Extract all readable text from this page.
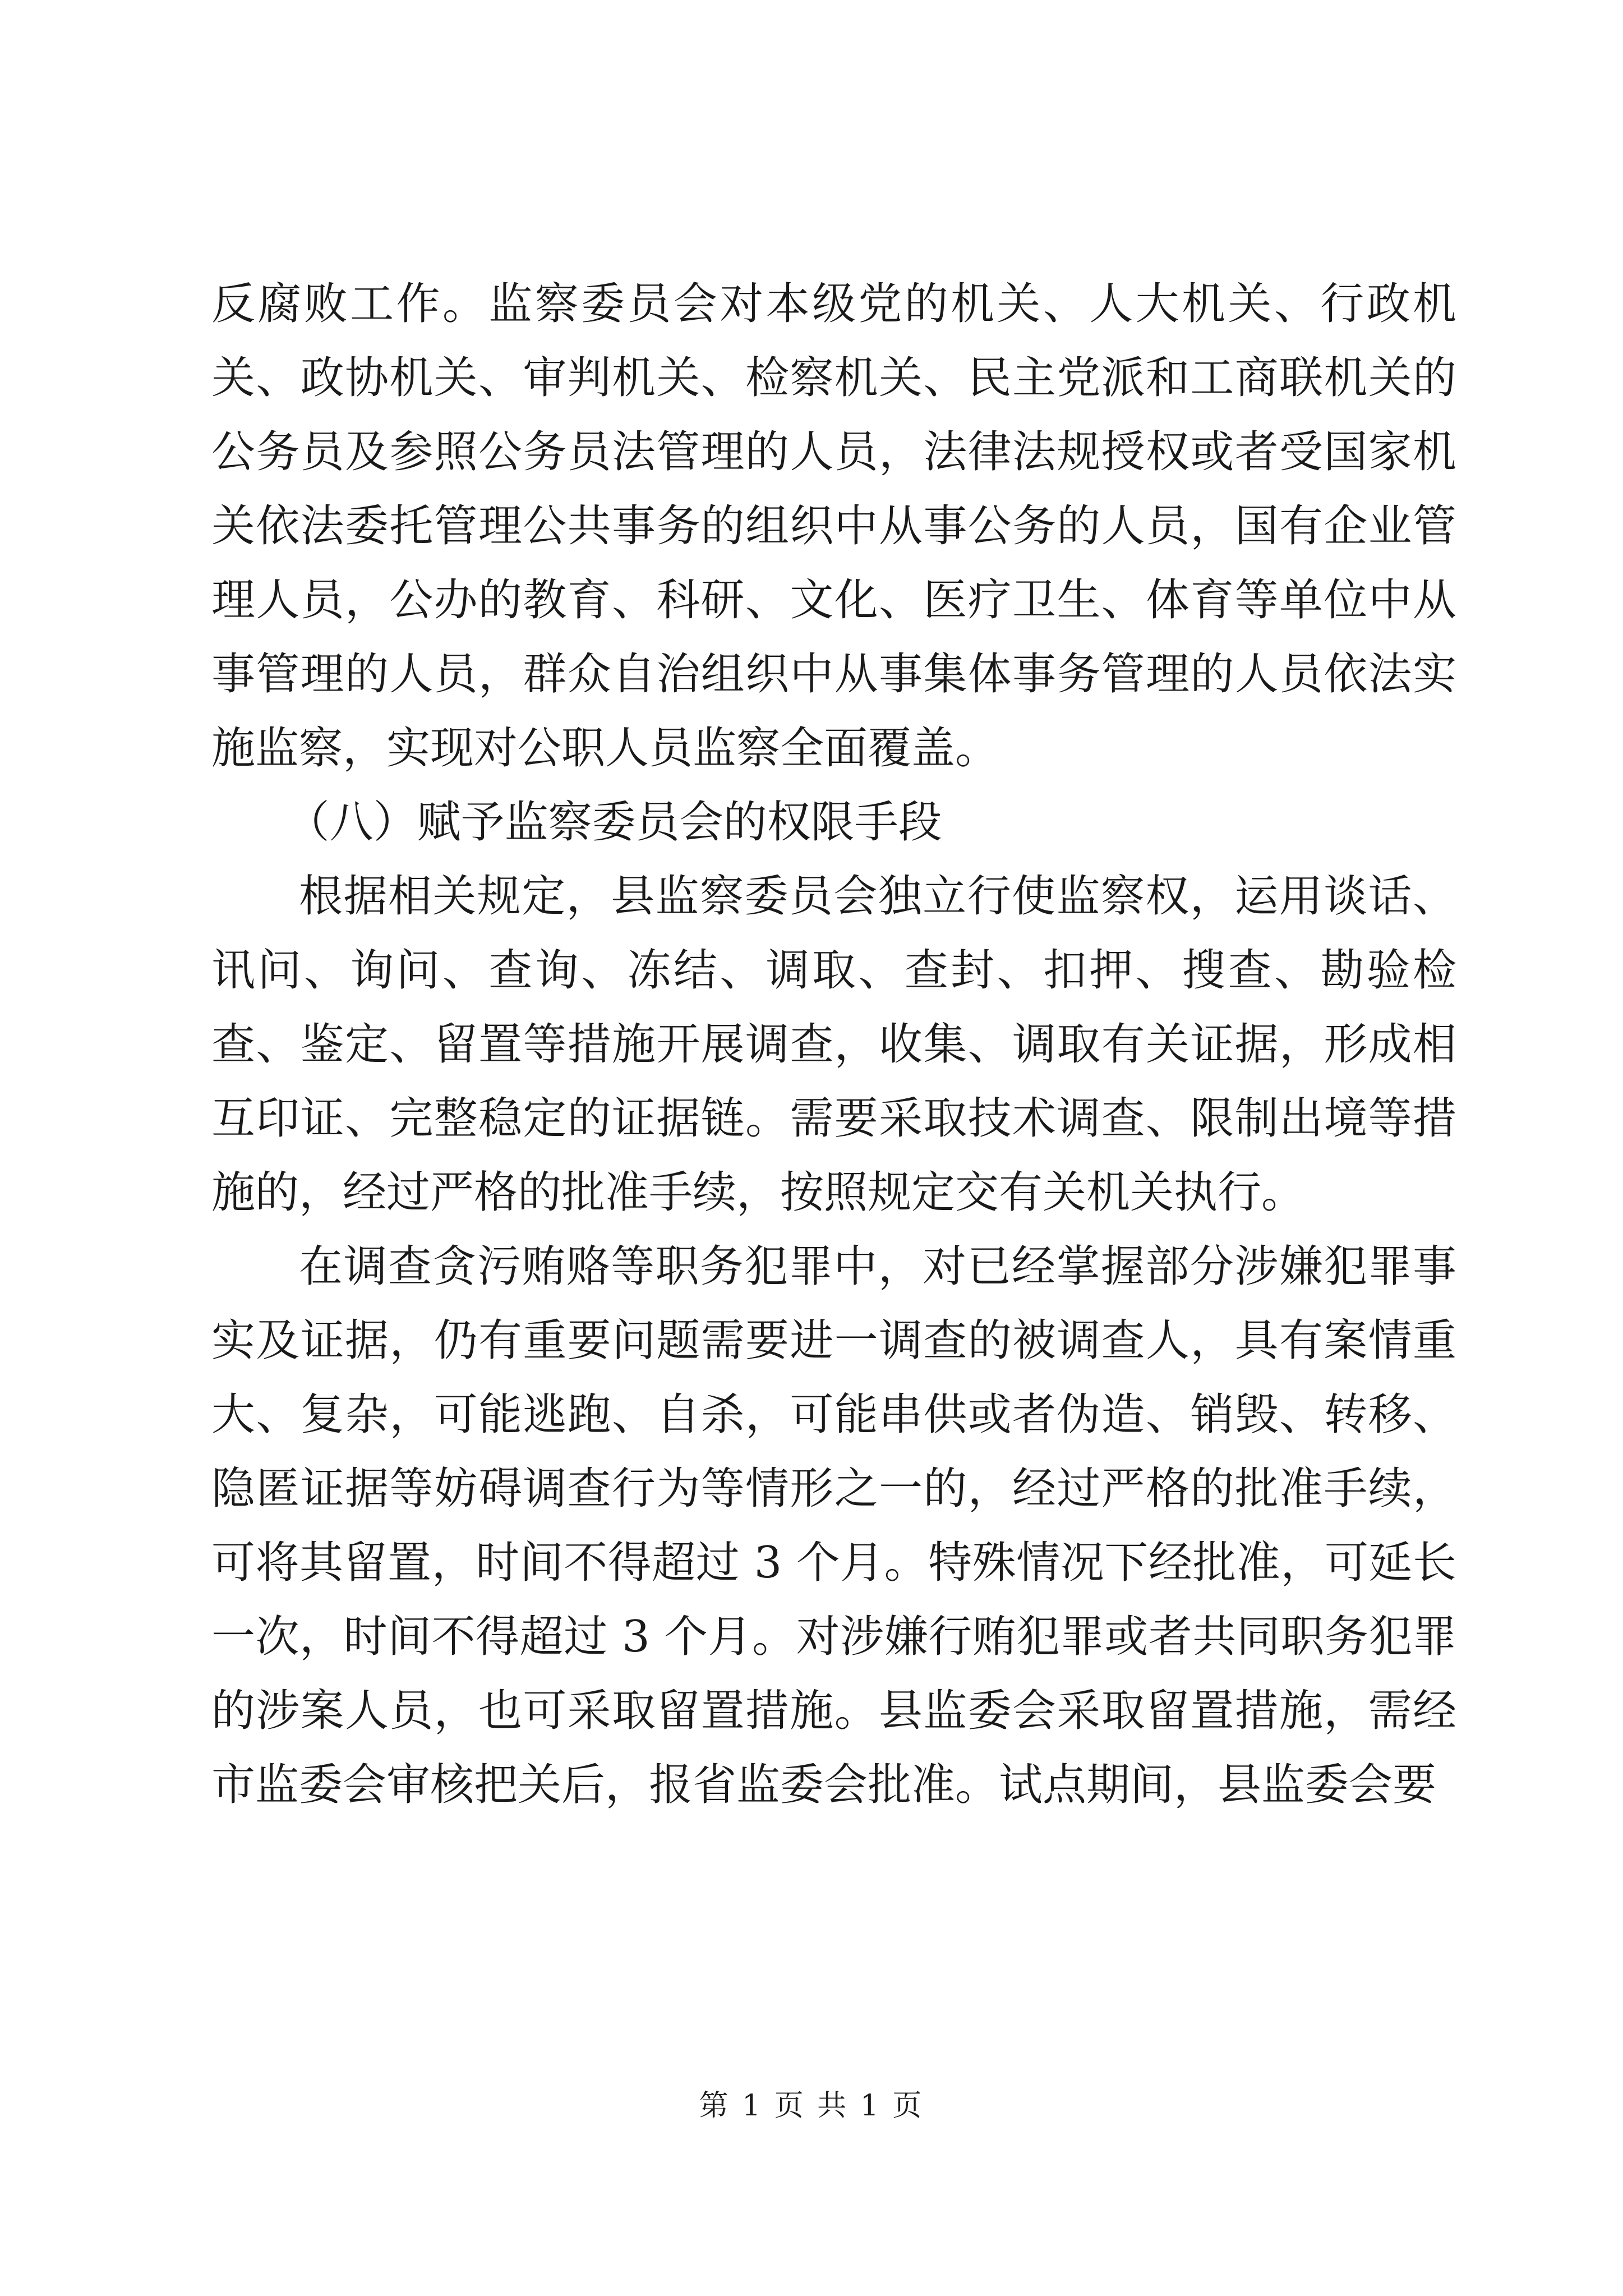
反腐败工作。监察委员会对本级党的机关、人大机关、行政机关、政协机关、审判机关、检察机关、民主党派和工商联机关的公务员及参照公务员法管理的人员，法律法规授权或者受国家机关依法委托管理公共事务的组织中从事公务的人员，国有企业管理人员，公办的教育、科研、文化、医疗卫生、体育等单位中从事管理的人员，群众自治组织中从事集体事务管理的人员依法实施监察，实现对公职人员监察全面覆盖。

（八）赋予监察委员会的权限手段

根据相关规定，县监察委员会独立行使监察权，运用谈话、讯问、询问、查询、冻结、调取、查封、扣押、搜查、勘验检查、鉴定、留置等措施开展调查，收集、调取有关证据，形成相互印证、完整稳定的证据链。需要采取技术调查、限制出境等措施的，经过严格的批准手续，按照规定交有关机关执行。

在调查贪污贿赂等职务犯罪中，对已经掌握部分涉嫌犯罪事实及证据，仍有重要问题需要进一调查的被调查人，具有案情重大、复杂，可能逃跑、自杀，可能串供或者伪造、销毁、转移、隐匿证据等妨碍调查行为等情形之一的，经过严格的批准手续，可将其留置，时间不得超过 3 个月。特殊情况下经批准，可延长一次，时间不得超过 3 个月。对涉嫌行贿犯罪或者共同职务犯罪的涉案人员，也可采取留置措施。县监委会采取留置措施，需经市监委会审核把关后，报省监委会批准。试点期间，县监委会要

第 1 页 共 1 页
